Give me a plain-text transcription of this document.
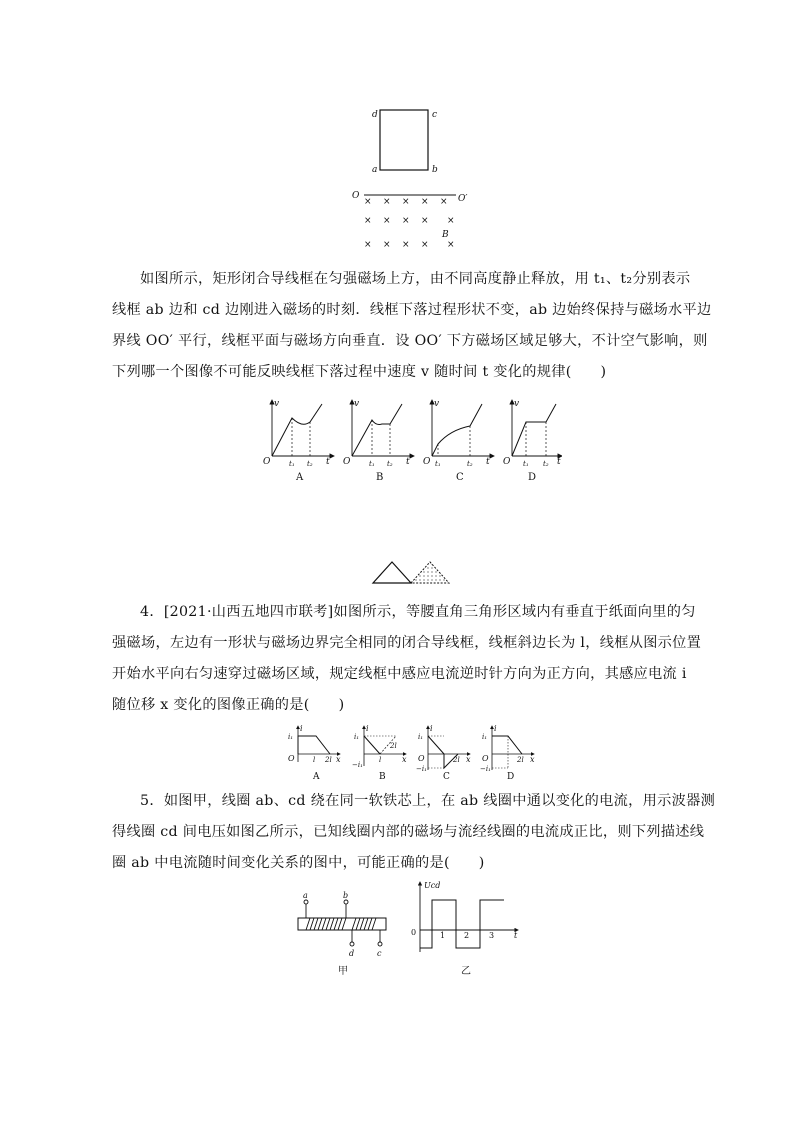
× × × × ×
× × × × ×
× × × × ×
d	c
a	b
O	O′
B
如图所示，矩形闭合导线框在匀强磁场上方，由不同高度静止释放，用 t₁、t₂分别表示
线框 ab 边和 cd 边刚进入磁场的时刻．线框下落过程形状不变，ab 边始终保持与磁场水平边
界线 OO′ 平行，线框平面与磁场方向垂直．设 OO′ 下方磁场区域足够大，不计空气影响，则
下列哪一个图像不可能反映线框下落过程中速度 v 随时间 t 变化的规律(　　)
v
O	t₁ t₂ t
A
v
O	t₁ t₂ t
B
v
O t₁	t₂ t
C
v
O t₁ t₂ t
D
4．[2021·山西五地四市联考]如图所示，等腰直角三角形区域内有垂直于纸面向里的匀
强磁场，左边有一形状与磁场边界完全相同的闭合导线框，线框斜边长为 l，线框从图示位置
开始水平向右匀速穿过磁场区域，规定线框中感应电流逆时针方向为正方向，其感应电流 i
随位移 x 变化的图像正确的是(　　)
i₁
i
O	l 2l x
A
i₁
i
−i₁
l
2l
x
B
i₁
i
−i₁
O	2l x
C
i₁
i
−i₁
O	2l x
D
5．如图甲，线圈 ab、cd 绕在同一软铁芯上，在 ab 线圈中通以变化的电流，用示波器测
得线圈 cd 间电压如图乙所示，已知线圈内部的磁场与流经线圈的电流成正比，则下列描述线
圈 ab 中电流随时间变化关系的图中，可能正确的是(　　)
a	b
d	c
甲
Ucd
0	1 2 3 t
乙
